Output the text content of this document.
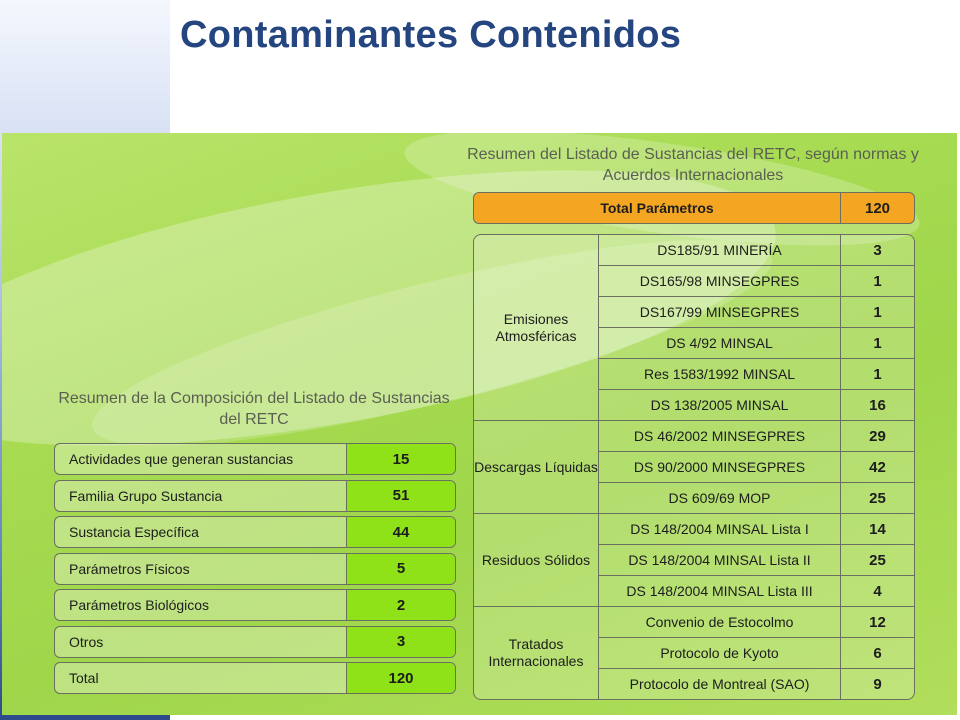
Contaminantes Contenidos

Resumen del Listado de Sustancias del RETC, según normas y Acuerdos Internacionales

Total Parámetros	120
Emisiones Atmosféricas
DS185/91 MINERÍA	3
DS165/98 MINSEGPRES	1
DS167/99 MINSEGPRES	1
DS 4/92 MINSAL	1
Res 1583/1992 MINSAL	1
DS 138/2005 MINSAL	16
Descargas Líquidas
DS 46/2002 MINSEGPRES	29
DS 90/2000 MINSEGPRES	42
DS 609/69 MOP	25
Residuos Sólidos
DS 148/2004 MINSAL Lista I	14
DS 148/2004 MINSAL Lista II	25
DS 148/2004 MINSAL Lista III	4
Tratados Internacionales
Convenio de Estocolmo	12
Protocolo de Kyoto	6
Protocolo de Montreal (SAO)	9

Resumen de la Composición del Listado de Sustancias del RETC

Actividades que generan sustancias	15
Familia Grupo Sustancia	51
Sustancia Específica	44
Parámetros Físicos	5
Parámetros Biológicos	2
Otros	3
Total	120
